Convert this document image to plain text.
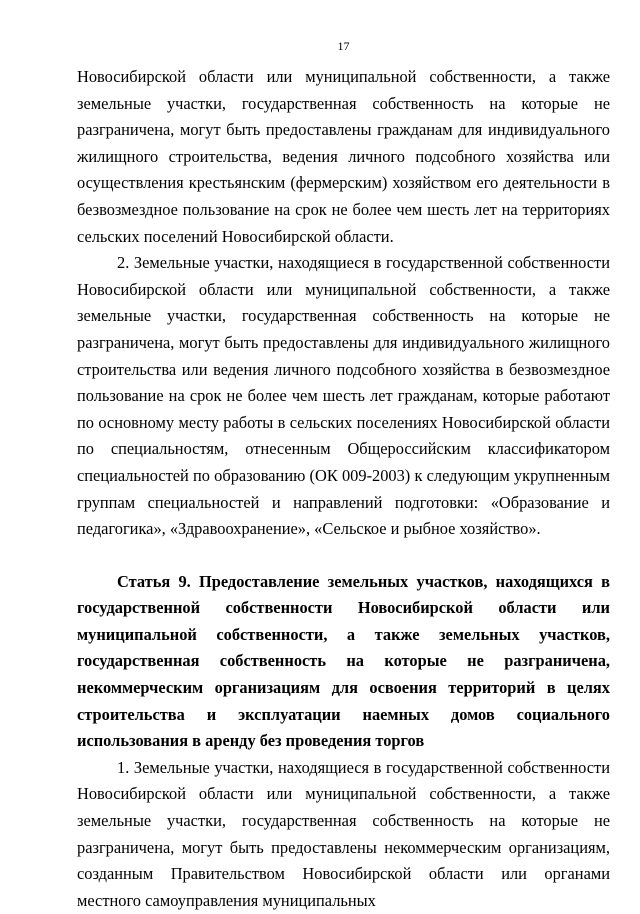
17

Новосибирской области или муниципальной собственности, а также земельные участки, государственная собственность на которые не разграничена, могут быть предоставлены гражданам для индивидуального жилищного строительства, ведения личного подсобного хозяйства или осуществления крестьянским (фермерским) хозяйством его деятельности в безвозмездное пользование на срок не более чем шесть лет на территориях сельских поселений Новосибирской области.

2. Земельные участки, находящиеся в государственной собственности Новосибирской области или муниципальной собственности, а также земельные участки, государственная собственность на которые не разграничена, могут быть предоставлены для индивидуального жилищного строительства или ведения личного подсобного хозяйства в безвозмездное пользование на срок не более чем шесть лет гражданам, которые работают по основному месту работы в сельских поселениях Новосибирской области по специальностям, отнесенным Общероссийским классификатором специальностей по образованию (ОК 009-2003) к следующим укрупненным группам специальностей и направлений подготовки: «Образование и педагогика», «Здравоохранение», «Сельское и рыбное хозяйство».

Статья 9. Предоставление земельных участков, находящихся в государственной собственности Новосибирской области или муниципальной собственности, а также земельных участков, государственная собственность на которые не разграничена, некоммерческим организациям для освоения территорий в целях строительства и эксплуатации наемных домов социального использования в аренду без проведения торгов

1. Земельные участки, находящиеся в государственной собственности Новосибирской области или муниципальной собственности, а также земельные участки, государственная собственность на которые не разграничена, могут быть предоставлены некоммерческим организациям, созданным Правительством Новосибирской области или органами местного самоуправления муниципальных
